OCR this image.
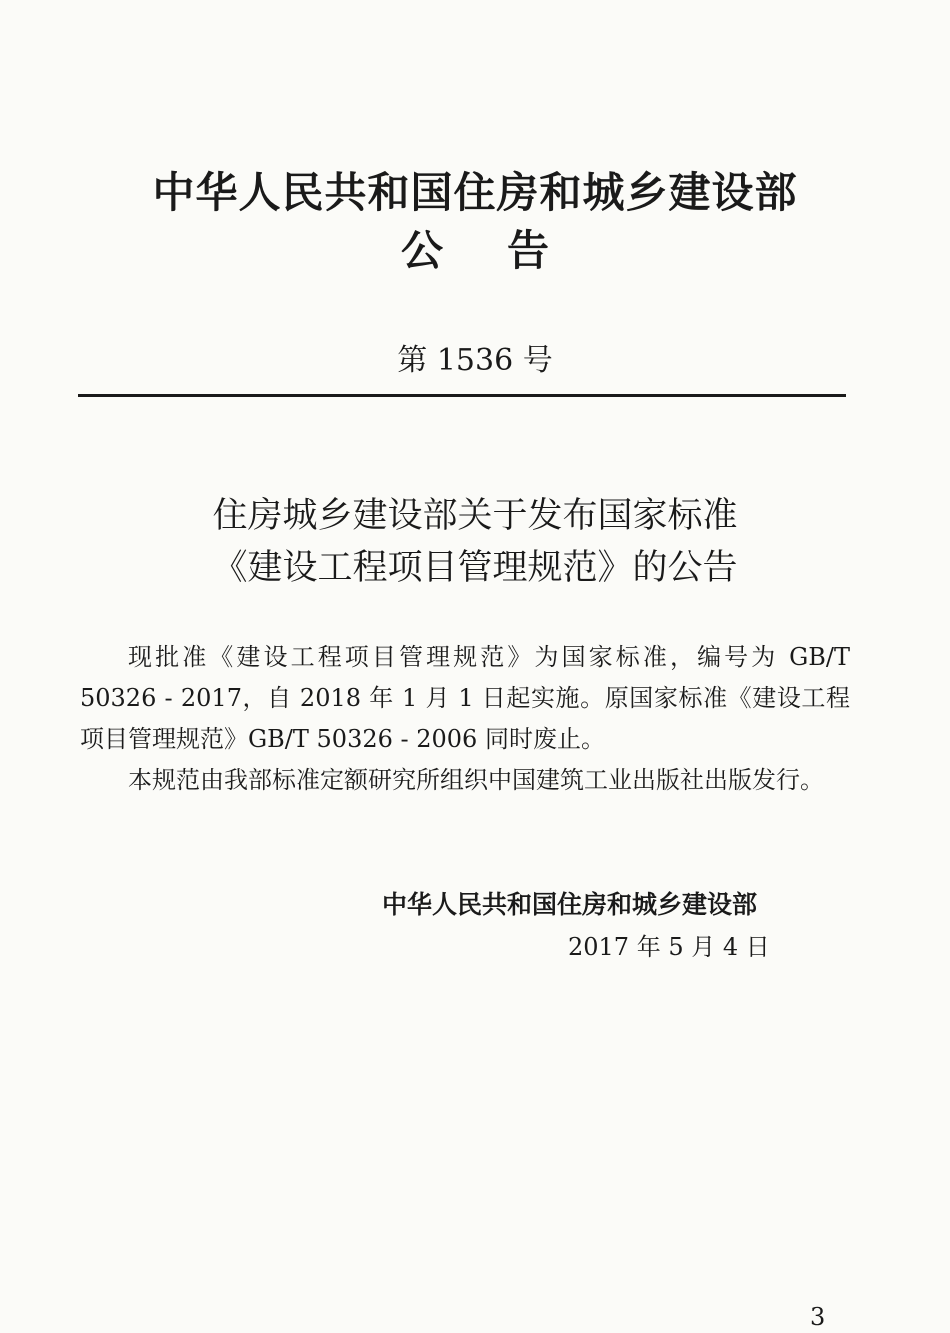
中华人民共和国住房和城乡建设部
公告
第 1536 号
住房城乡建设部关于发布国家标准
《建设工程项目管理规范》的公告

现批准《建设工程项目管理规范》为国家标准，编号为 GB/T 50326 - 2017，自 2018 年 1 月 1 日起实施。原国家标准《建设工程项目管理规范》GB/T 50326 - 2006 同时废止。

本规范由我部标准定额研究所组织中国建筑工业出版社出版发行。

中华人民共和国住房和城乡建设部
2017 年 5 月 4 日
3
